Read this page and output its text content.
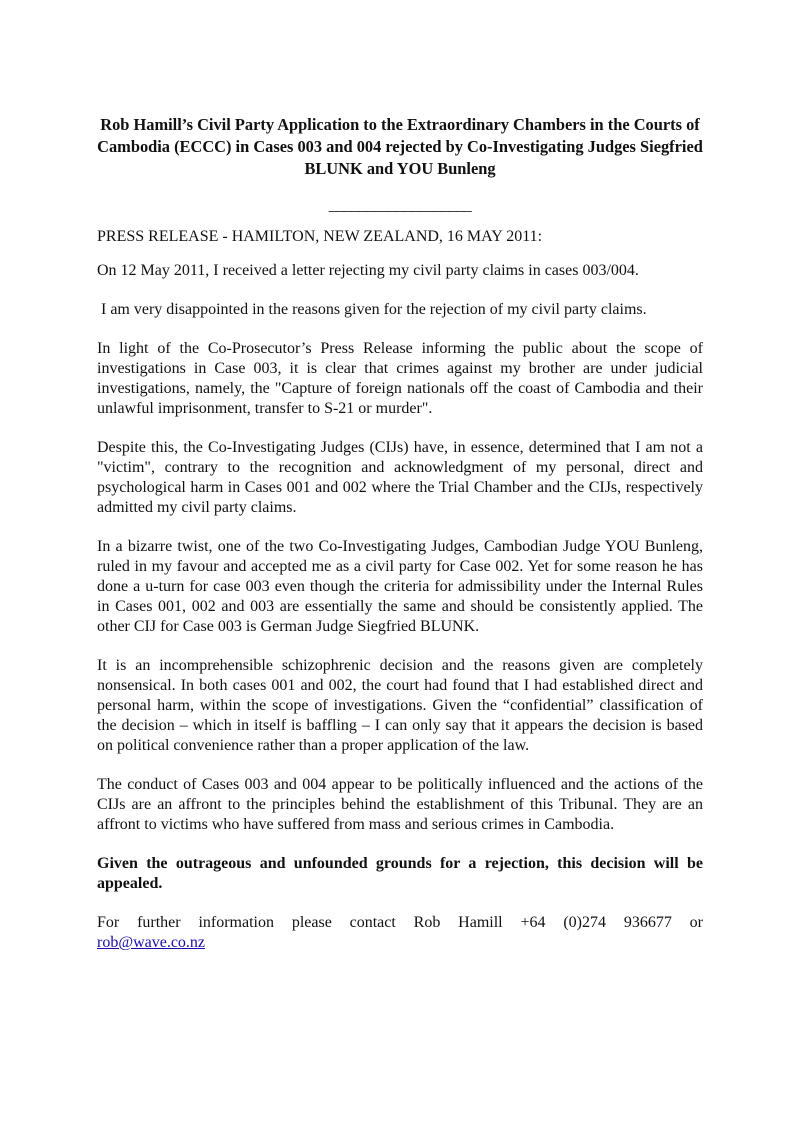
Rob Hamill’s Civil Party Application to the Extraordinary Chambers in the Courts of Cambodia (ECCC) in Cases 003 and 004 rejected by Co-Investigating Judges Siegfried BLUNK and YOU Bunleng
___________________

PRESS RELEASE - HAMILTON, NEW ZEALAND, 16 MAY 2011:

On 12 May 2011, I received a letter rejecting my civil party claims in cases 003/004.

I am very disappointed in the reasons given for the rejection of my civil party claims.

In light of the Co-Prosecutor’s Press Release informing the public about the scope of investigations in Case 003, it is clear that crimes against my brother are under judicial investigations, namely, the "Capture of foreign nationals off the coast of Cambodia and their unlawful imprisonment, transfer to S-21 or murder".

Despite this, the Co-Investigating Judges (CIJs) have, in essence, determined that I am not a "victim", contrary to the recognition and acknowledgment of my personal, direct and psychological harm in Cases 001 and 002 where the Trial Chamber and the CIJs, respectively admitted my civil party claims.

In a bizarre twist, one of the two Co-Investigating Judges, Cambodian Judge YOU Bunleng, ruled in my favour and accepted me as a civil party for Case 002. Yet for some reason he has done a u-turn for case 003 even though the criteria for admissibility under the Internal Rules in Cases 001, 002 and 003 are essentially the same and should be consistently applied. The other CIJ for Case 003 is German Judge Siegfried BLUNK.

It is an incomprehensible schizophrenic decision and the reasons given are completely nonsensical. In both cases 001 and 002, the court had found that I had established direct and personal harm, within the scope of investigations. Given the “confidential” classification of the decision – which in itself is baffling – I can only say that it appears the decision is based on political convenience rather than a proper application of the law.

The conduct of Cases 003 and 004 appear to be politically influenced and the actions of the CIJs are an affront to the principles behind the establishment of this Tribunal. They are an affront to victims who have suffered from mass and serious crimes in Cambodia.

Given the outrageous and unfounded grounds for a rejection, this decision will be appealed.

For further information please contact Rob Hamill +64 (0)274 936677 or

rob@wave.co.nz
